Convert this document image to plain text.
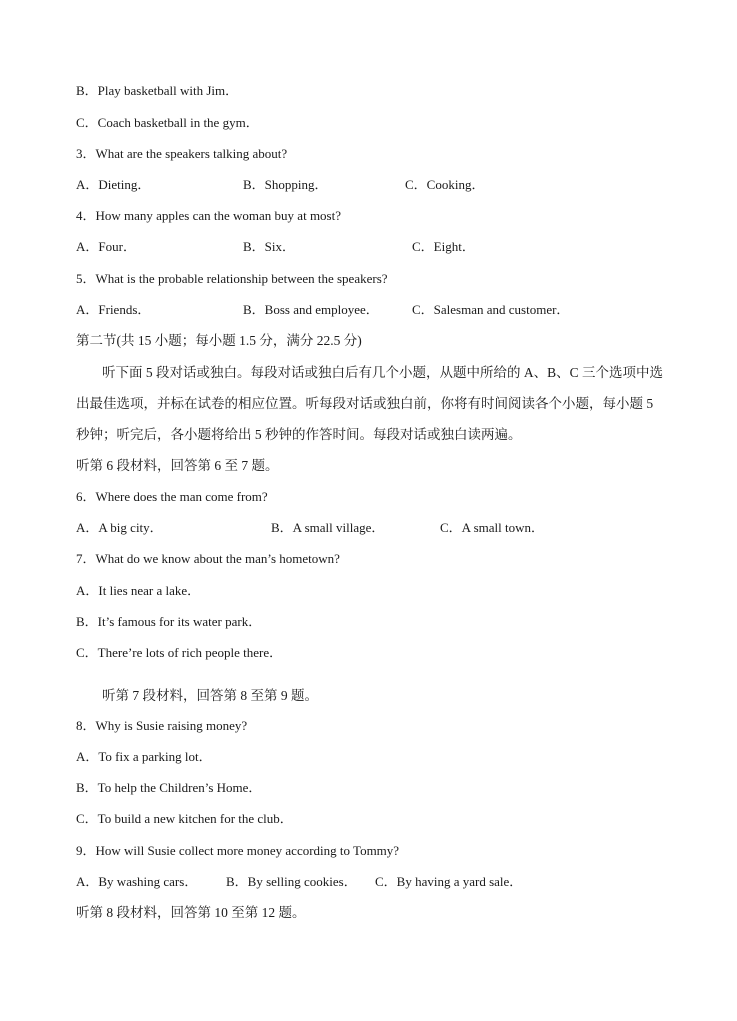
B．Play basketball with Jim．
C．Coach basketball in the gym．
3．What are the speakers talking about?
A．Dieting．	B．Shopping．	C．Cooking．
4．How many apples can the woman buy at most?
A．Four．	B．Six．	C．Eight．
5．What is the probable relationship between the speakers?
A．Friends．	B．Boss and employee．	C．Salesman and customer．
第二节(共 15 小题；每小题 1.5 分，满分 22.5 分)
听下面 5 段对话或独白。每段对话或独白后有几个小题，从题中所给的 A、B、C 三个选项中选出最佳选项，并标在试卷的相应位置。听每段对话或独白前，你将有时间阅读各个小题，每小题 5 秒钟；听完后，各小题将给出 5 秒钟的作答时间。每段对话或独白读两遍。
听第 6 段材料，回答第 6 至 7 题。
6．Where does the man come from?
A．A big city．	B．A small village．	C．A small town．
7．What do we know about the man’s hometown?
A．It lies near a lake．
B．It’s famous for its water park．
C．There’re lots of rich people there．
听第 7 段材料，回答第 8 至第 9 题。
8．Why is Susie raising money?
A．To fix a parking lot．
B．To help the Children’s Home．
C．To build a new kitchen for the club．
9．How will Susie collect more money according to Tommy?
A．By washing cars． B．By selling cookies． C．By having a yard sale．
听第 8 段材料，回答第 10 至第 12 题。
